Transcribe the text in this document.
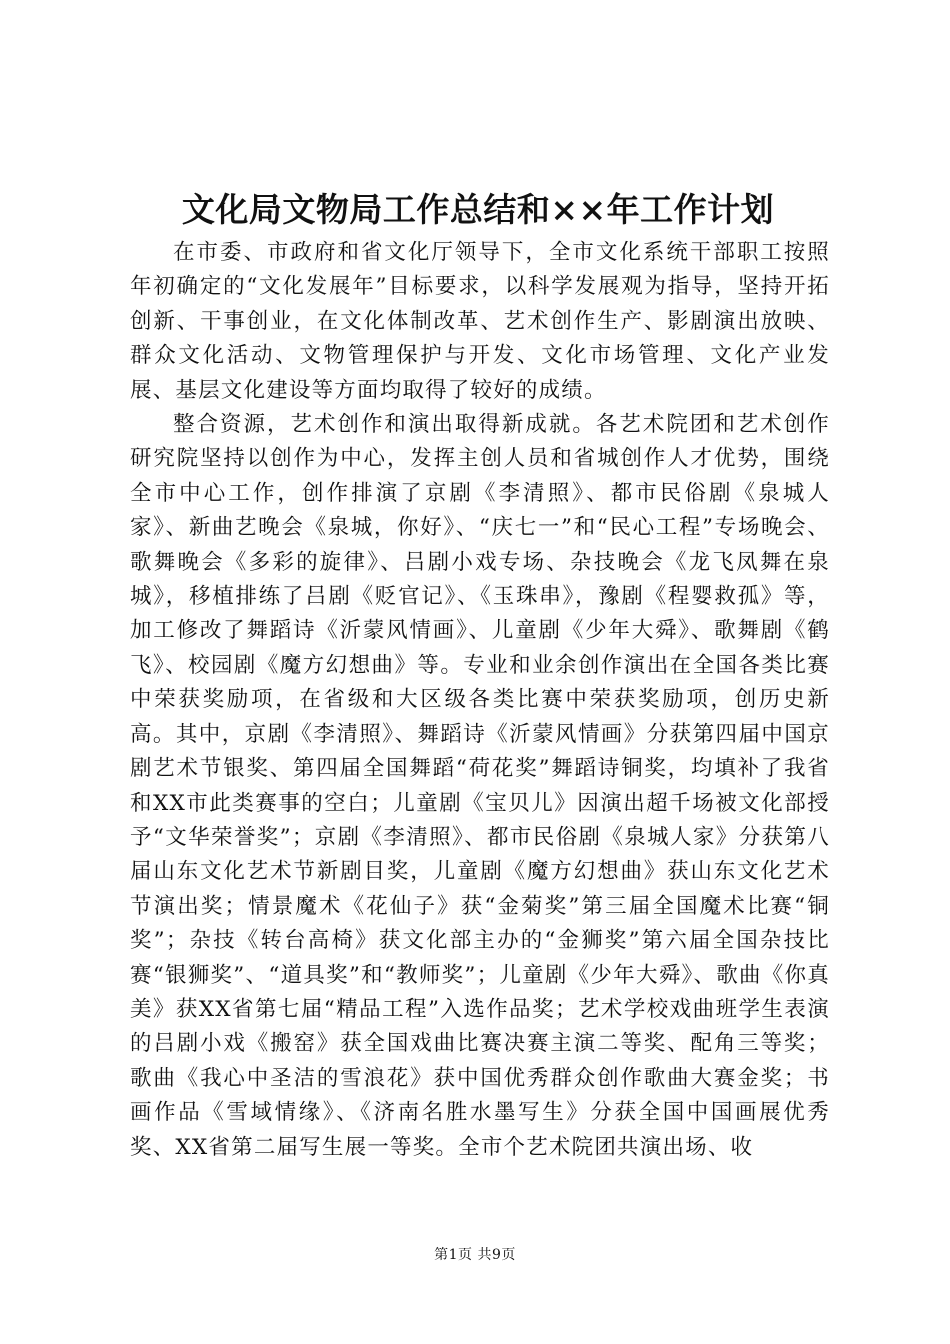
文化局文物局工作总结和××年工作计划

在市委、市政府和省文化厅领导下，全市文化系统干部职工按照年初确定的“文化发展年”目标要求，以科学发展观为指导，坚持开拓创新、干事创业，在文化体制改革、艺术创作生产、影剧演出放映、群众文化活动、文物管理保护与开发、文化市场管理、文化产业发展、基层文化建设等方面均取得了较好的成绩。

整合资源，艺术创作和演出取得新成就。各艺术院团和艺术创作研究院坚持以创作为中心，发挥主创人员和省城创作人才优势，围绕全市中心工作，创作排演了京剧《李清照》、都市民俗剧《泉城人家》、新曲艺晚会《泉城，你好》、“庆七一”和“民心工程”专场晚会、歌舞晚会《多彩的旋律》、吕剧小戏专场、杂技晚会《龙飞凤舞在泉城》，移植排练了吕剧《贬官记》、《玉珠串》，豫剧《程婴救孤》等，加工修改了舞蹈诗《沂蒙风情画》、儿童剧《少年大舜》、歌舞剧《鹤飞》、校园剧《魔方幻想曲》等。专业和业余创作演出在全国各类比赛中荣获奖励项，在省级和大区级各类比赛中荣获奖励项，创历史新高。其中，京剧《李清照》、舞蹈诗《沂蒙风情画》分获第四届中国京剧艺术节银奖、第四届全国舞蹈“荷花奖”舞蹈诗铜奖，均填补了我省和XX市此类赛事的空白；儿童剧《宝贝儿》因演出超千场被文化部授予“文华荣誉奖”；京剧《李清照》、都市民俗剧《泉城人家》分获第八届山东文化艺术节新剧目奖，儿童剧《魔方幻想曲》获山东文化艺术节演出奖；情景魔术《花仙子》获“金菊奖”第三届全国魔术比赛“铜奖”；杂技《转台高椅》获文化部主办的“金狮奖”第六届全国杂技比赛“银狮奖”、“道具奖”和“教师奖”；儿童剧《少年大舜》、歌曲《你真美》获XX省第七届“精品工程”入选作品奖；艺术学校戏曲班学生表演的吕剧小戏《搬窑》获全国戏曲比赛决赛主演二等奖、配角三等奖；歌曲《我心中圣洁的雪浪花》获中国优秀群众创作歌曲大赛金奖；书画作品《雪域情缘》、《济南名胜水墨写生》分获全国中国画展优秀奖、XX省第二届写生展一等奖。全市个艺术院团共演出场、收

第1页 共9页
